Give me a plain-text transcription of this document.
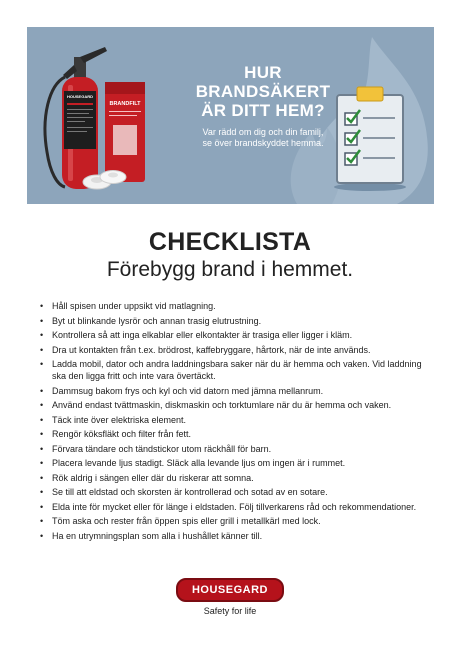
HOUSEGARD
BRANDFILT

HUR
BRANDSÄKERT
ÄR DITT HEM?

Var rädd om dig och din familj,
se över brandskyddet hemma.
CHECKLISTA
Förebygg brand i hemmet.
• Håll spisen under uppsikt vid matlagning.
• Byt ut blinkande lysrör och annan trasig elutrustning.
• Kontrollera så att inga elkablar eller elkontakter är trasiga eller ligger i kläm.
• Dra ut kontakten från t.ex. brödrost, kaffebryggare, hårtork, när de inte används.
• Ladda mobil, dator och andra laddningsbara saker när du är hemma och vaken. Vid laddning ska den ligga fritt och inte vara övertäckt.
• Dammsug bakom frys och kyl och vid datorn med jämna mellanrum.
• Använd endast tvättmaskin, diskmaskin och torktumlare när du är hemma och vaken.
• Täck inte över elektriska element.
• Rengör köksfläkt och filter från fett.
• Förvara tändare och tändstickor utom räckhåll för barn.
• Placera levande ljus stadigt. Släck alla levande ljus om ingen är i rummet.
• Rök aldrig i sängen eller där du riskerar att somna.
• Se till att eldstad och skorsten är kontrollerad och sotad av en sotare.
• Elda inte för mycket eller för länge i eldstaden. Följ tillverkarens råd och rekommendationer.
• Töm aska och rester från öppen spis eller grill i metallkärl med lock.
• Ha en utrymningsplan som alla i hushållet känner till.
HOUSEGARD
Safety for life
